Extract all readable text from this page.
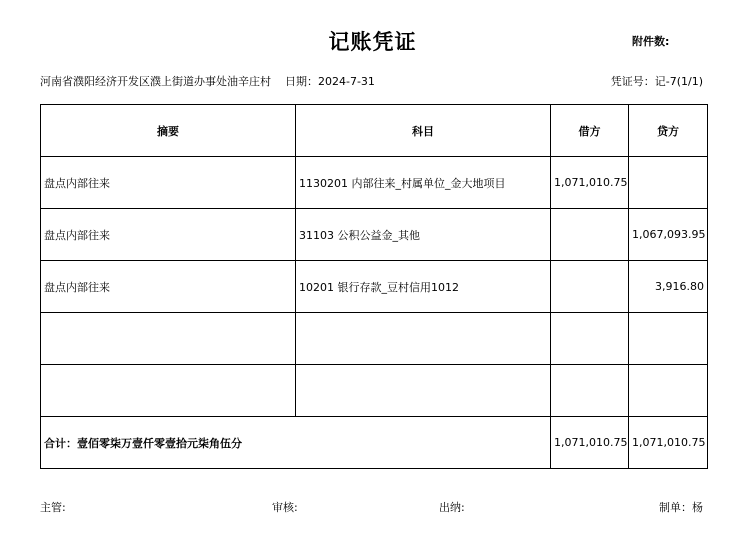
记账凭证	附件数:
河南省濮阳经济开发区濮上街道办事处油辛庄村 日期：2024-7-31	凭证号：记-7(1/1)
摘要	科目	借方	贷方
盘点内部往来	1130201 内部往来_村属单位_金大地项目	1,071,010.75	
盘点内部往来	31103 公积公益金_其他		1,067,093.95
盘点内部往来	10201 银行存款_豆村信用1012		3,916.80

合计：壹佰零柒万壹仟零壹拾元柒角伍分		1,071,010.75	1,071,010.75
主管:	审核:	出纳:	制单：杨
